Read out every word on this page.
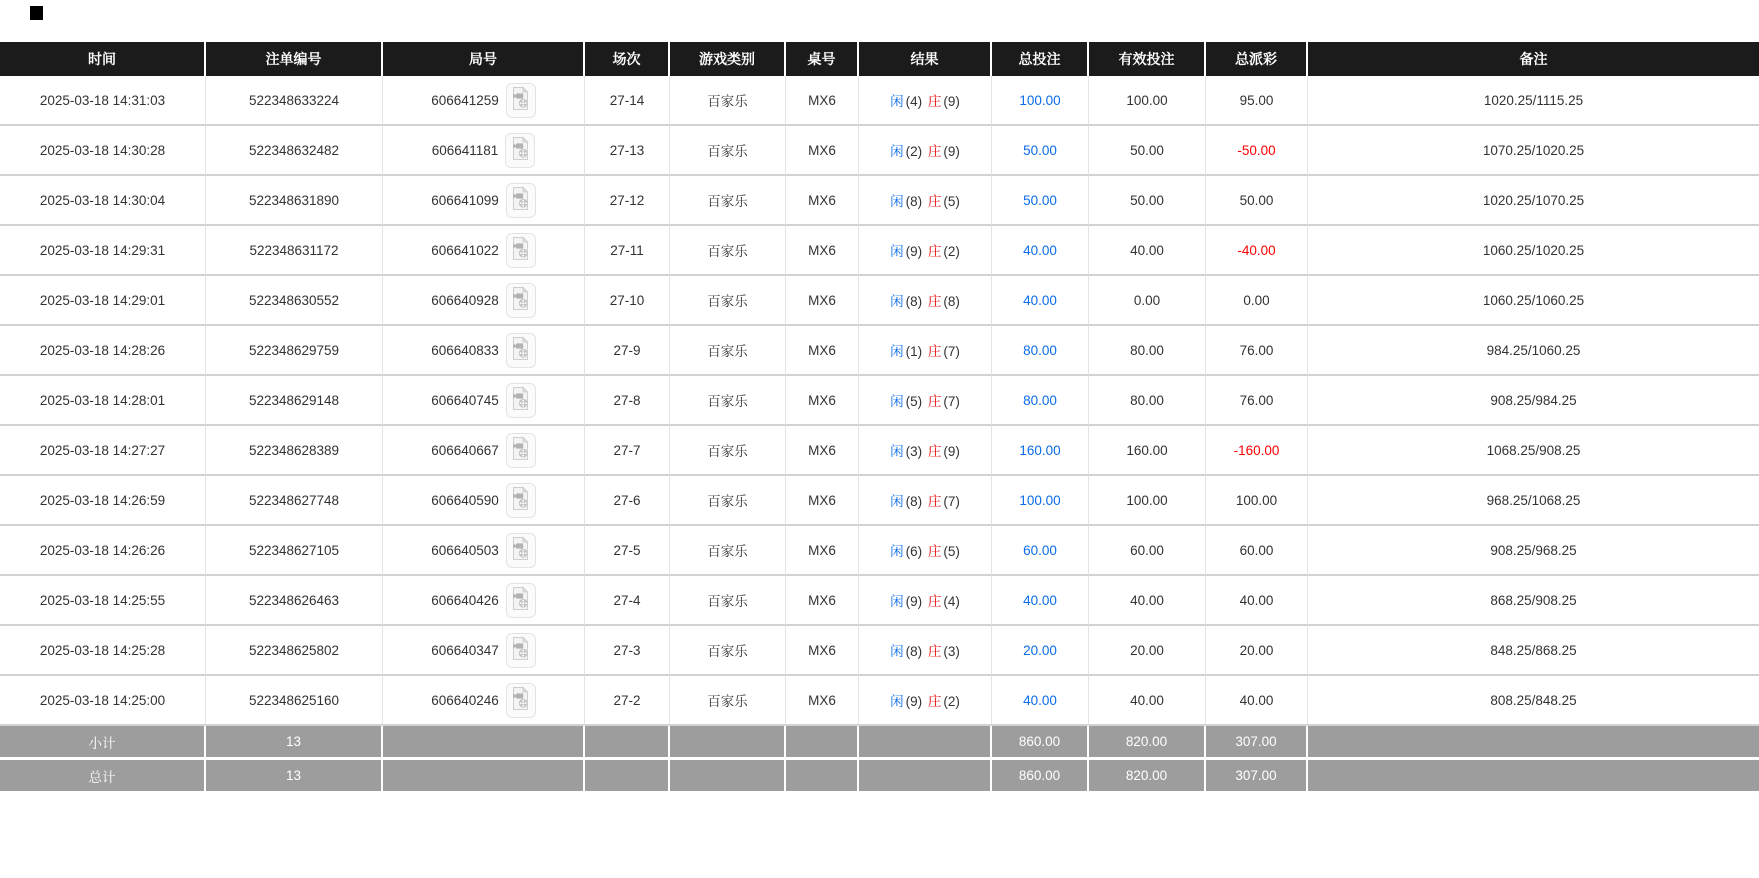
时间	注单编号	局号	场次	游戏类别	桌号	结果	总投注	有效投注	总派彩	备注
2025-03-18 14:31:03	522348633224	606641259	27-14	百家乐	MX6	闲 (4) 庄 (9)	100.00	100.00	95.00	1020.25/1115.25
2025-03-18 14:30:28	522348632482	606641181	27-13	百家乐	MX6	闲 (2) 庄 (9)	50.00	50.00	-50.00	1070.25/1020.25
2025-03-18 14:30:04	522348631890	606641099	27-12	百家乐	MX6	闲 (8) 庄 (5)	50.00	50.00	50.00	1020.25/1070.25
2025-03-18 14:29:31	522348631172	606641022	27-11	百家乐	MX6	闲 (9) 庄 (2)	40.00	40.00	-40.00	1060.25/1020.25
2025-03-18 14:29:01	522348630552	606640928	27-10	百家乐	MX6	闲 (8) 庄 (8)	40.00	0.00	0.00	1060.25/1060.25
2025-03-18 14:28:26	522348629759	606640833	27-9	百家乐	MX6	闲 (1) 庄 (7)	80.00	80.00	76.00	984.25/1060.25
2025-03-18 14:28:01	522348629148	606640745	27-8	百家乐	MX6	闲 (5) 庄 (7)	80.00	80.00	76.00	908.25/984.25
2025-03-18 14:27:27	522348628389	606640667	27-7	百家乐	MX6	闲 (3) 庄 (9)	160.00	160.00	-160.00	1068.25/908.25
2025-03-18 14:26:59	522348627748	606640590	27-6	百家乐	MX6	闲 (8) 庄 (7)	100.00	100.00	100.00	968.25/1068.25
2025-03-18 14:26:26	522348627105	606640503	27-5	百家乐	MX6	闲 (6) 庄 (5)	60.00	60.00	60.00	908.25/968.25
2025-03-18 14:25:55	522348626463	606640426	27-4	百家乐	MX6	闲 (9) 庄 (4)	40.00	40.00	40.00	868.25/908.25
2025-03-18 14:25:28	522348625802	606640347	27-3	百家乐	MX6	闲 (8) 庄 (3)	20.00	20.00	20.00	848.25/868.25
2025-03-18 14:25:00	522348625160	606640246	27-2	百家乐	MX6	闲 (9) 庄 (2)	40.00	40.00	40.00	808.25/848.25
小计	13						860.00	820.00	307.00	
总计	13						860.00	820.00	307.00	
